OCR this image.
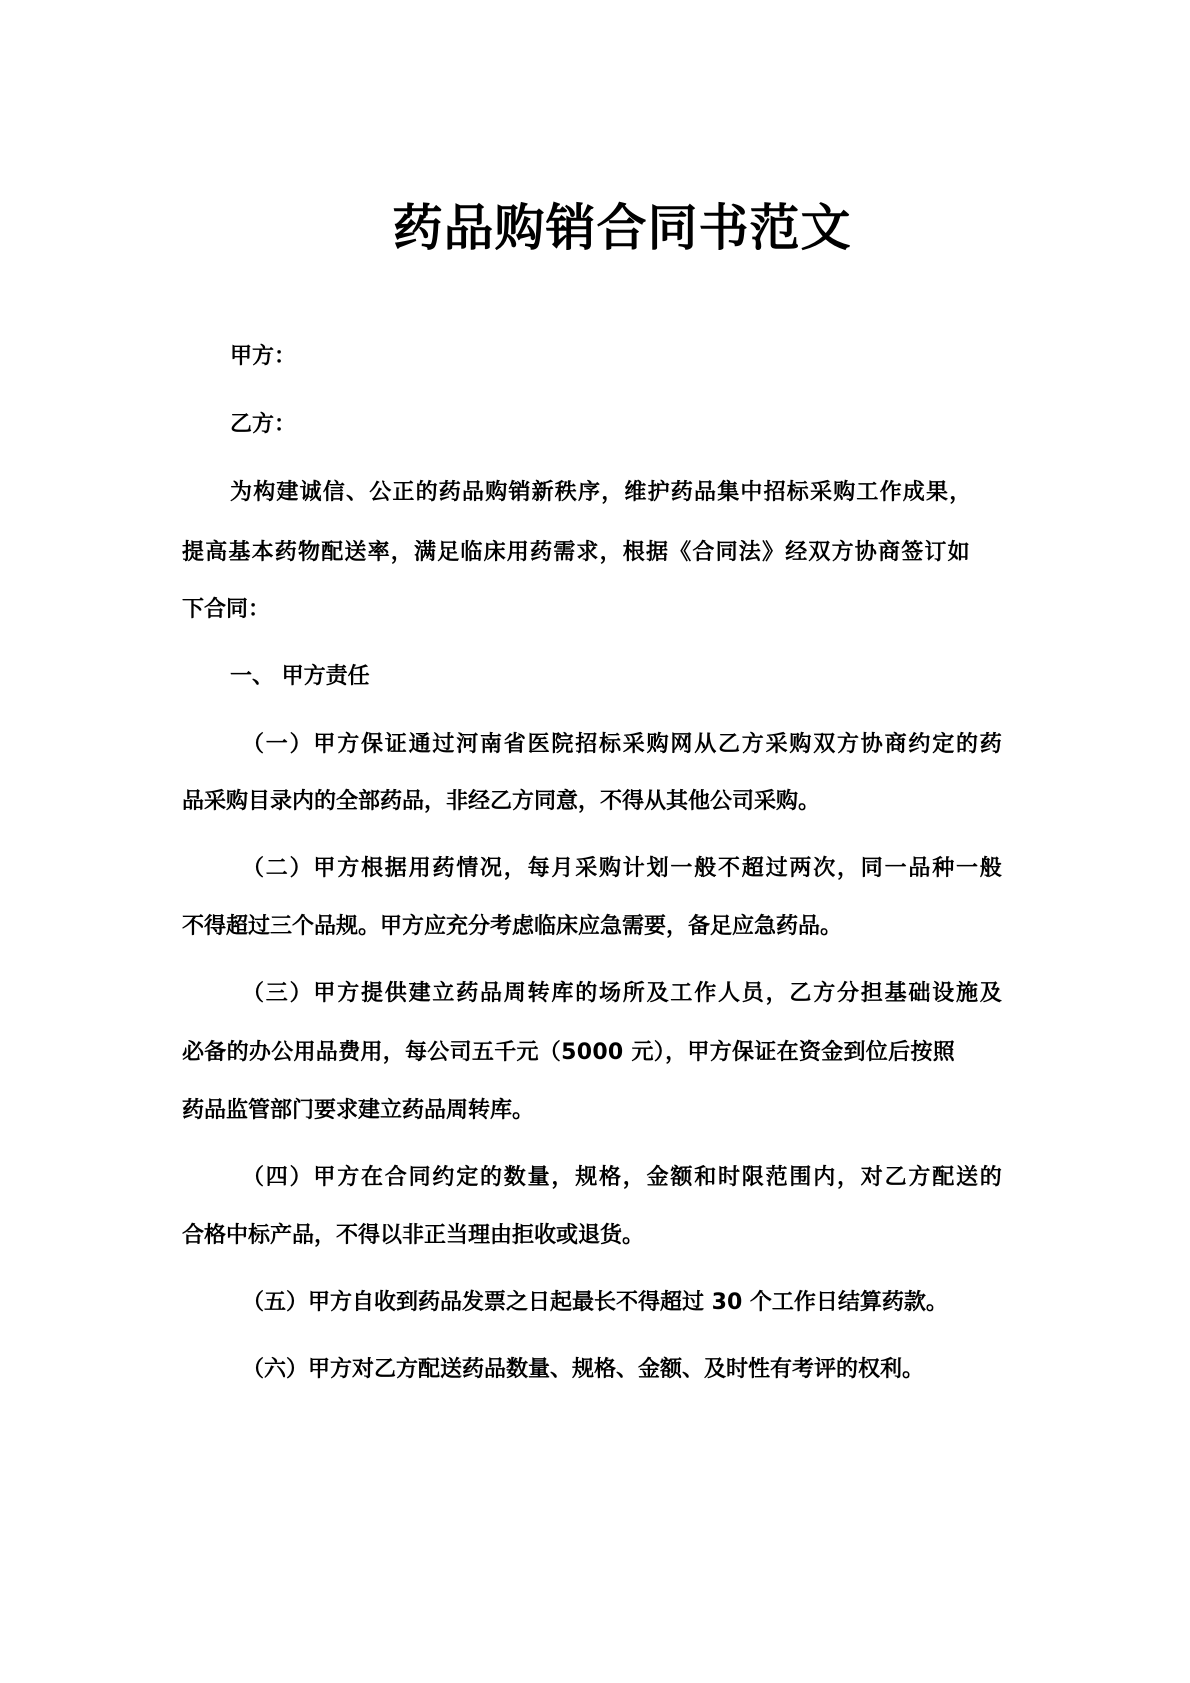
药品购销合同书范文

甲方：

乙方：

为构建诚信、公正的药品购销新秩序，维护药品集中招标采购工作成果，

提高基本药物配送率，满足临床用药需求，根据《合同法》经双方协商签订如

下合同：

一、 甲方责任

（一）甲方保证通过河南省医院招标采购网从乙方采购双方协商约定的药

品采购目录内的全部药品，非经乙方同意，不得从其他公司采购。

（二）甲方根据用药情况，每月采购计划一般不超过两次，同一品种一般

不得超过三个品规。甲方应充分考虑临床应急需要，备足应急药品。

（三）甲方提供建立药品周转库的场所及工作人员，乙方分担基础设施及

必备的办公用品费用，每公司五千元（5000 元），甲方保证在资金到位后按照

药品监管部门要求建立药品周转库。

（四）甲方在合同约定的数量，规格，金额和时限范围内，对乙方配送的

合格中标产品，不得以非正当理由拒收或退货。

（五）甲方自收到药品发票之日起最长不得超过 30 个工作日结算药款。

（六）甲方对乙方配送药品数量、规格、金额、及时性有考评的权利。
